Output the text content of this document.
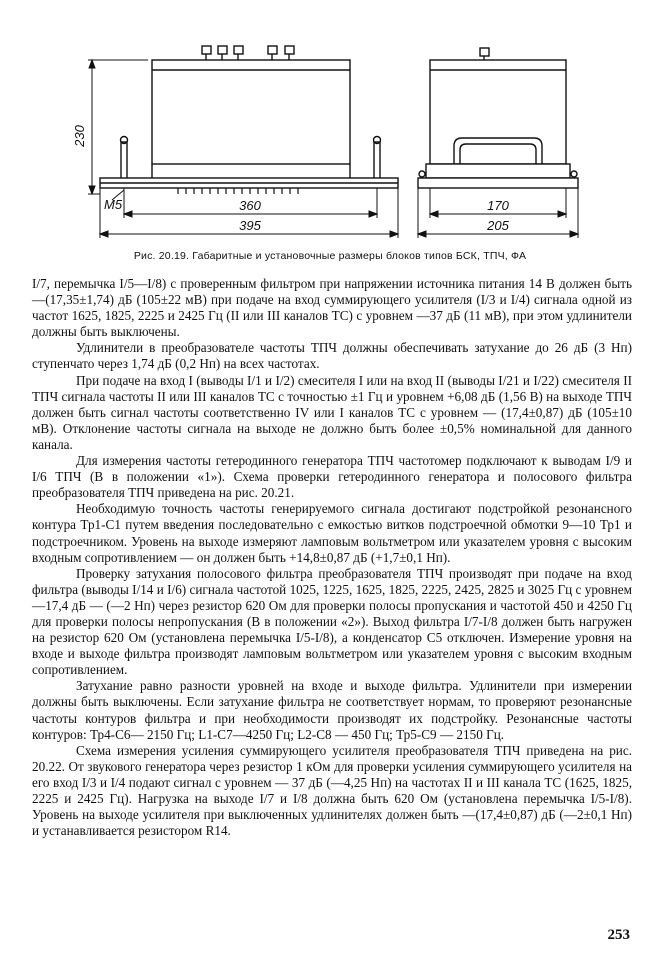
230
M5	360
395
170
205
Рис. 20.19. Габаритные и установочные размеры блоков типов БСК, ТПЧ, ФА

I/7, перемычка I/5—I/8) с проверенным фильтром при напряжении источника питания 14 В должен быть —(17,35±1,74) дБ (105±22 мВ) при подаче на вход суммирующего усилителя (I/3 и I/4) сигнала одной из частот 1625, 1825, 2225 и 2425 Гц (II или III каналов ТС) с уровнем —37 дБ (11 мВ), при этом удлинители должны быть выключены.

Удлинители в преобразователе частоты ТПЧ должны обеспечивать затухание до 26 дБ (3 Нп) ступенчато через 1,74 дБ (0,2 Нп) на всех частотах.

При подаче на вход I (выводы I/1 и I/2) смесителя I или на вход II (выводы I/21 и I/22) смесителя II ТПЧ сигнала частоты II или III каналов ТС с точностью ±1 Гц и уровнем +6,08 дБ (1,56 В) на выходе ТПЧ должен быть сигнал частоты соответственно IV или I каналов ТС с уровнем — (17,4±0,87) дБ (105±10 мВ). Отклонение частоты сигнала на выходе не должно быть более ±0,5% номинальной для данного канала.

Для измерения частоты гетеродинного генератора ТПЧ частотомер подключают к выводам I/9 и I/6 ТПЧ (В в положении «1»). Схема проверки гетеродинного генератора и полосового фильтра преобразователя ТПЧ приведена на рис. 20.21.

Необходимую точность частоты генерируемого сигнала достигают подстройкой резонансного контура Тр1-С1 путем введения последовательно с емкостью витков подстроечной обмотки 9—10 Тр1 и подстроечником. Уровень на выходе измеряют ламповым вольтметром или указателем уровня с высоким входным сопротивлением — он должен быть +14,8±0,87 дБ (+1,7±0,1 Нп).

Проверку затухания полосового фильтра преобразователя ТПЧ производят при подаче на вход фильтра (выводы I/14 и I/6) сигнала частотой 1025, 1225, 1625, 1825, 2225, 2425, 2825 и 3025 Гц с уровнем —17,4 дБ — (—2 Нп) через резистор 620 Ом для проверки полосы пропускания и частотой 450 и 4250 Гц для проверки полосы непропускания (В в положении «2»). Выход фильтра I/7-I/8 должен быть нагружен на резистор 620 Ом (установлена перемычка I/5-I/8), а конденсатор С5 отключен. Измерение уровня на входе и выходе фильтра производят ламповым вольтметром или указателем уровня с высоким входным сопротивлением.

Затухание равно разности уровней на входе и выходе фильтра. Удлинители при измерении должны быть выключены. Если затухание фильтра не соответствует нормам, то проверяют резонансные частоты контуров фильтра и при необходимости производят их подстройку. Резонансные частоты контуров: Тр4-С6— 2150 Гц; L1-C7—4250 Гц; L2-C8 — 450 Гц; Тр5-С9 — 2150 Гц.

Схема измерения усиления суммирующего усилителя преобразователя ТПЧ приведена на рис. 20.22. От звукового генератора через резистор 1 кОм для проверки усиления суммирующего усилителя на его вход I/3 и I/4 подают сигнал с уровнем — 37 дБ (—4,25 Нп) на частотах II и III канала ТС (1625, 1825, 2225 и 2425 Гц). Нагрузка на выходе I/7 и I/8 должна быть 620 Ом (установлена перемычка I/5-I/8). Уровень на выходе усилителя при выключенных удлинителях должен быть —(17,4±0,87) дБ (—2±0,1 Нп) и устанавливается резистором R14.

253
